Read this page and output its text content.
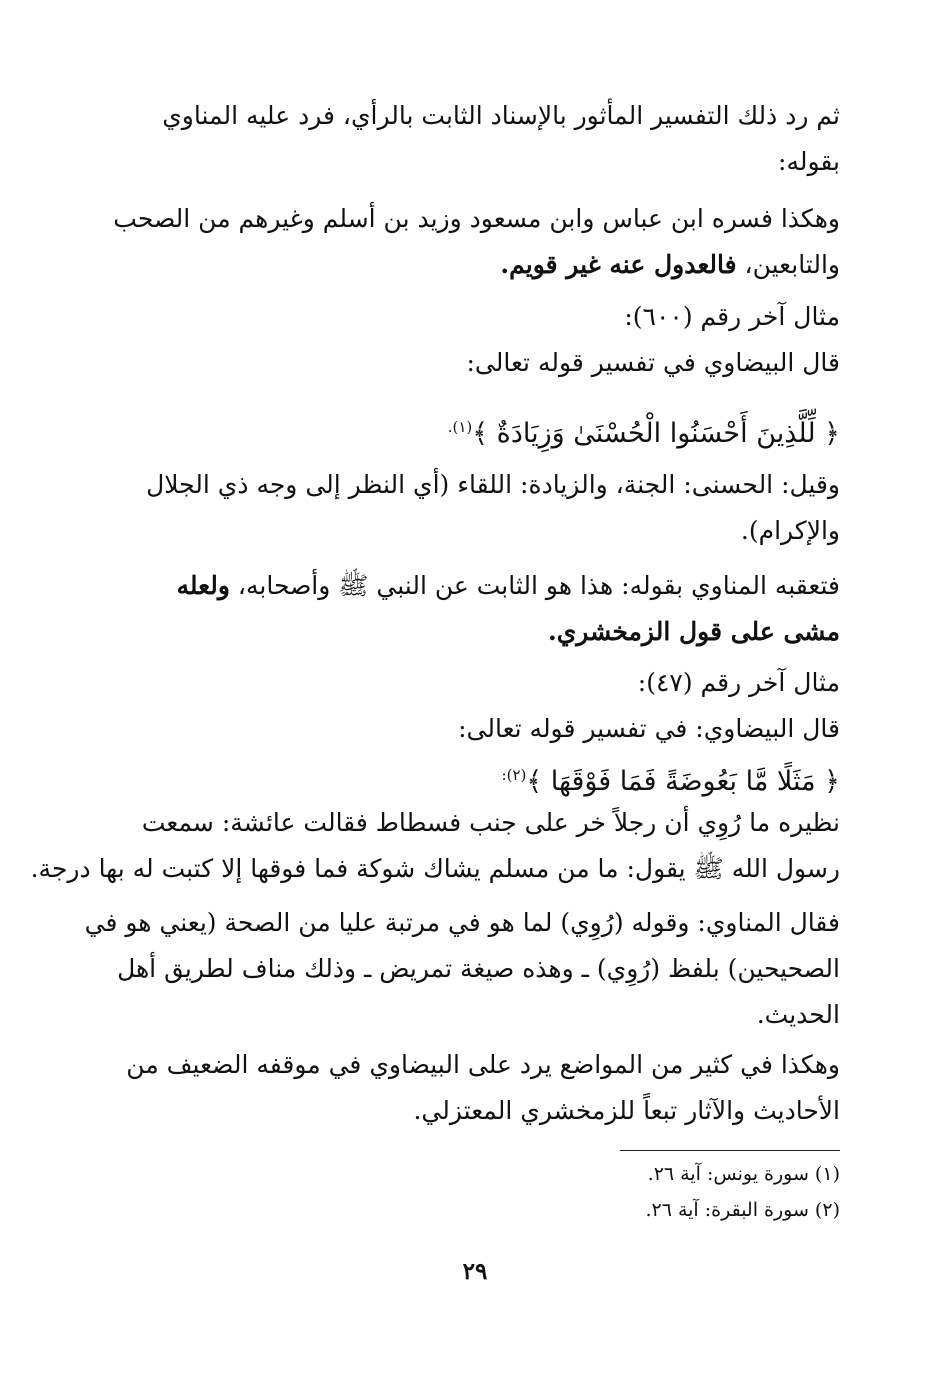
ثم رد ذلك التفسير المأثور بالإسناد الثابت بالرأي، فرد عليه المناوي
بقوله:
وهكذا فسره ابن عباس وابن مسعود وزيد بن أسلم وغيرهم من الصحب
والتابعين، فالعدول عنه غير قويم.
مثال آخر رقم (٦٠٠):
قال البيضاوي في تفسير قوله تعالى:
﴿ لِّلَّذِينَ أَحْسَنُوا الْحُسْنَىٰ وَزِيَادَةٌ ﴾$^{(١).}$
وقيل: الحسنى: الجنة، والزيادة: اللقاء (أي النظر إلى وجه ذي الجلال
والإكرام).
فتعقبه المناوي بقوله: هذا هو الثابت عن النبي ﷺ وأصحابه، ولعله
مشى على قول الزمخشري.
مثال آخر رقم (٤٧):
قال البيضاوي: في تفسير قوله تعالى:
﴿ مَثَلًا مَّا بَعُوضَةً فَمَا فَوْقَهَا ﴾$^{(٢):}$
نظيره ما رُوِي أن رجلاً خر على جنب فسطاط فقالت عائشة: سمعت
رسول الله ﷺ يقول: ما من مسلم يشاك شوكة فما فوقها إلا كتبت له بها درجة.
فقال المناوي: وقوله (رُوِي) لما هو في مرتبة عليا من الصحة (يعني هو في
الصحيحين) بلفظ (رُوِي) ـ وهذه صيغة تمريض ـ وذلك مناف لطريق أهل
الحديث.
وهكذا في كثير من المواضع يرد على البيضاوي في موقفه الضعيف من
الأحاديث والآثار تبعاً للزمخشري المعتزلي.
(١) سورة يونس: آية ٢٦.
(٢) سورة البقرة: آية ٢٦.
٢٩
